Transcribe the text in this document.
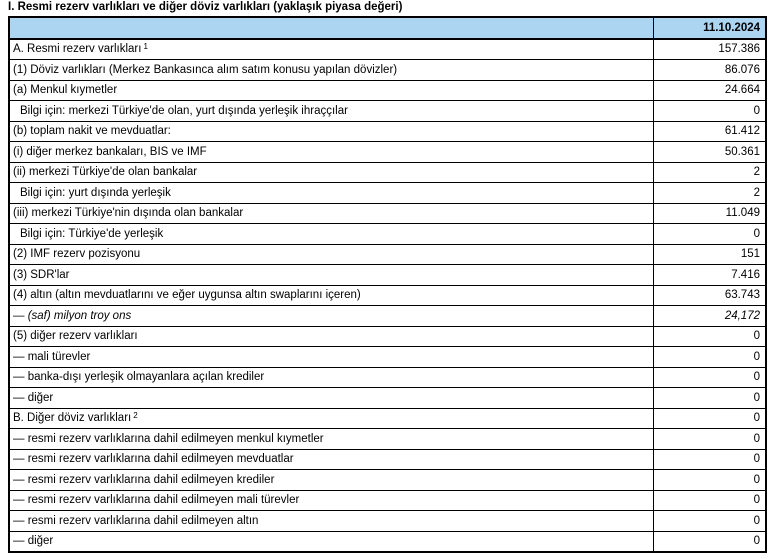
I. Resmi rezerv varlıkları ve diğer döviz varlıkları (yaklaşık piyasa değeri)
11.10.2024
A. Resmi rezerv varlıkları 1	157.386
(1) Döviz varlıkları (Merkez Bankasınca alım satım konusu yapılan dövizler)	86.076
(a) Menkul kıymetler	24.664
Bilgi için: merkezi Türkiye'de olan, yurt dışında yerleşik ihraççılar	0
(b) toplam nakit ve mevduatlar:	61.412
(i) diğer merkez bankaları, BIS ve IMF	50.361
(ii) merkezi Türkiye'de olan bankalar	2
Bilgi için: yurt dışında yerleşik	2
(iii) merkezi Türkiye'nin dışında olan bankalar	11.049
Bilgi için: Türkiye'de yerleşik	0
(2) IMF rezerv pozisyonu	151
(3) SDR'lar	7.416
(4) altın (altın mevduatlarını ve eğer uygunsa altın swaplarını içeren)	63.743
— (saf) milyon troy ons	24,172
(5) diğer rezerv varlıkları	0
— mali türevler	0
— banka-dışı yerleşik olmayanlara açılan krediler	0
— diğer	0
B. Diğer döviz varlıkları 2	0
— resmi rezerv varlıklarına dahil edilmeyen menkul kıymetler	0
— resmi rezerv varlıklarına dahil edilmeyen mevduatlar	0
— resmi rezerv varlıklarına dahil edilmeyen krediler	0
— resmi rezerv varlıklarına dahil edilmeyen mali türevler	0
— resmi rezerv varlıklarına dahil edilmeyen altın	0
— diğer	0
